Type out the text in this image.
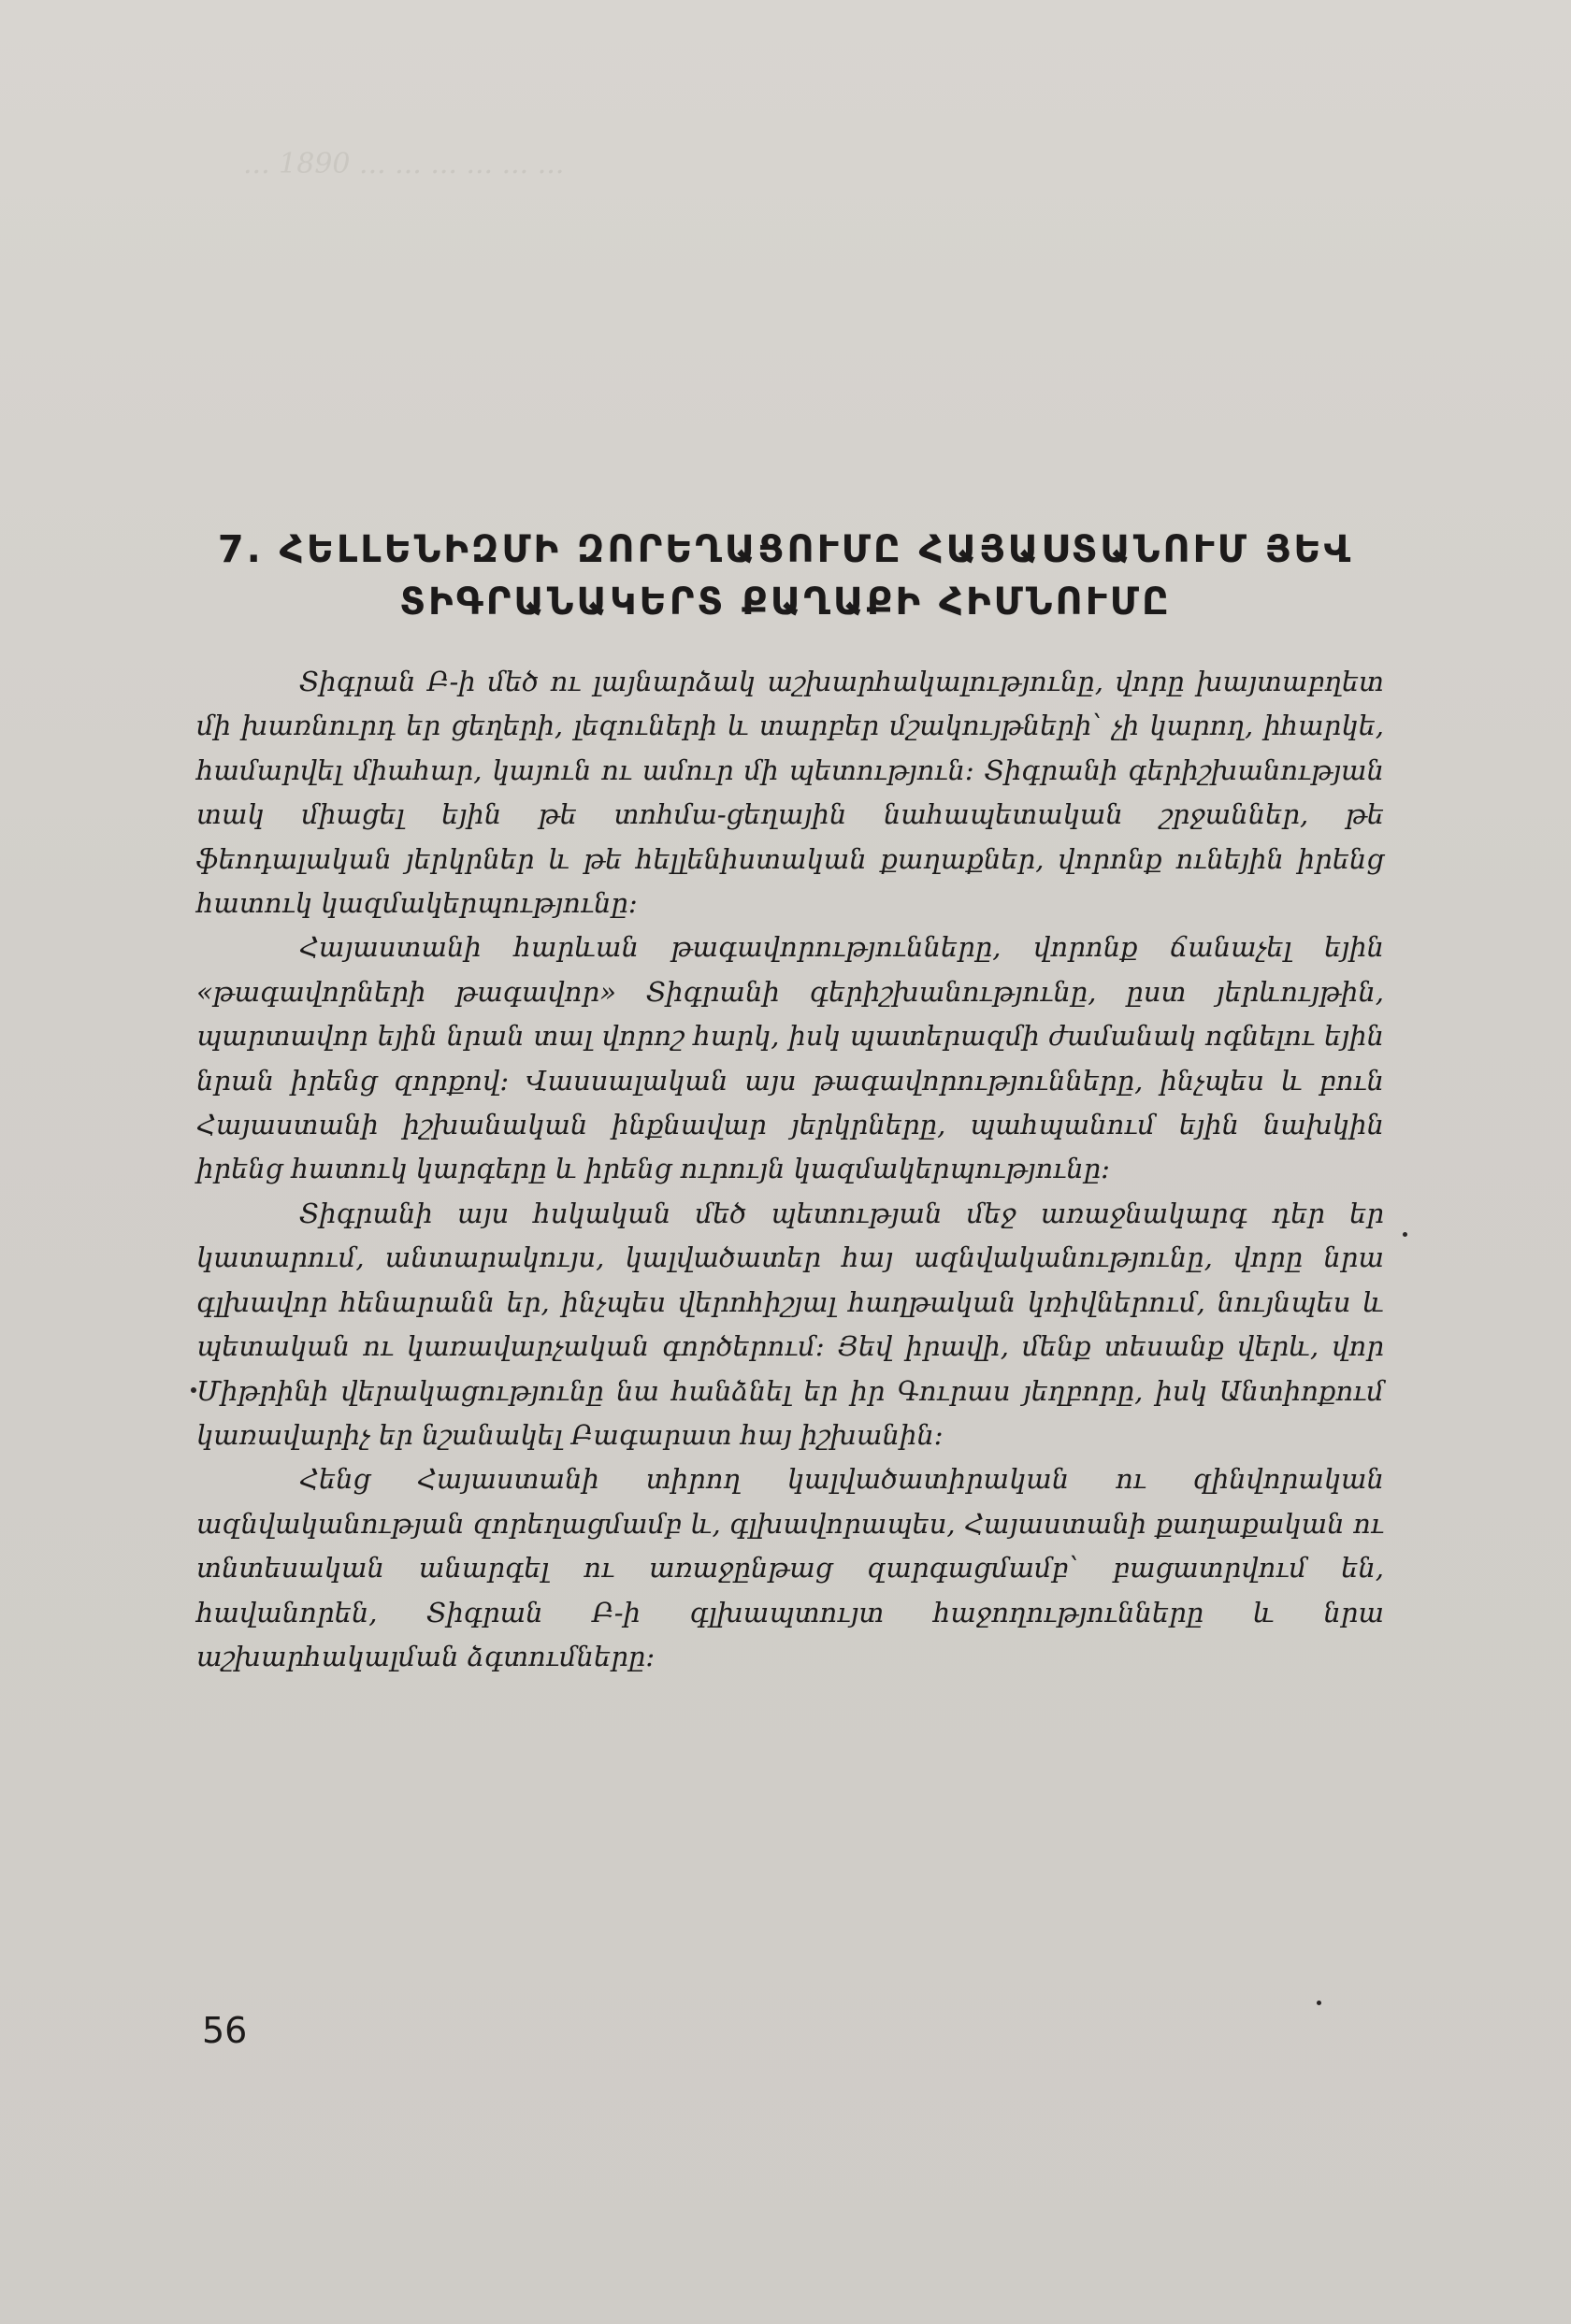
... 1890 ... ... ... ... ... ...
7. ՀԵԼԼԵՆԻԶՄԻ ԶՈՐԵՂԱՑՈՒՄԸ ՀԱՅԱՍՏԱՆՈՒՄ ՅԵՎ
ՏԻԳՐԱՆԱԿԵՐՏ ՔԱՂԱՔԻ ՀԻՄՆՈՒՄԸ

Տիգրան Բ-ի մեծ ու լայնարձակ աշխարհակալությունը, վորը խայտաբղետ մի խառնուրդ եր ցեղերի, լեզուների և տարբեր մշակույթների՝ չի կարող, իհարկե, համարվել միահար, կայուն ու ամուր մի պետություն։ Տիգրանի գերիշխանության տակ միացել եյին թե տոհմա-ցեղային նահապետական շրջաններ, թե ֆեոդալական յերկրներ և թե հելլենիստական քաղաքներ, վորոնք ունեյին իրենց հատուկ կազմակերպությունը։

Հայաստանի հարևան թագավորությունները, վորոնք ճանաչել եյին «թագավորների թագավոր» Տիգրանի գերիշխանությունը, ըստ յերևույթին, պարտավոր եյին նրան տալ վորոշ հարկ, իսկ պատերազմի ժամանակ ոգնելու եյին նրան իրենց զորքով։ Վասսալական այս թագավորությունները, ինչպես և բուն Հայաստանի իշխանական ինքնավար յերկրները, պահպանում եյին նախկին իրենց հատուկ կարգերը և իրենց ուրույն կազմակերպությունը։

Տիգրանի այս հսկական մեծ պետության մեջ առաջնակարգ դեր եր կատարում, անտարակույս, կալվածատեր հայ ազնվականությունը, վորը նրա գլխավոր հենարանն եր, ինչպես վերոհիշյալ հաղթական կռիվներում, նույնպես և պետական ու կառավարչական գործերում։ Յեվ իրավի, մենք տեսանք վերև, վոր Միթրինի վերակացությունը նա հանձնել եր իր Գուրաս յեղբորը, իսկ Անտիոքում կառավարիչ եր նշանակել Բագարատ հայ իշխանին։

Հենց Հայաստանի տիրող կալվածատիրական ու զինվորական ազնվականության զորեղացմամբ և, գլխավորապես, Հայաստանի քաղաքական ու տնտեսական անարգել ու առաջընթաց զարգացմամբ՝ բացատրվում են, հավանորեն, Տիգրան Բ-ի գլխապտույտ հաջողությունները և նրա աշխարհակալման ձգտումները։

56
